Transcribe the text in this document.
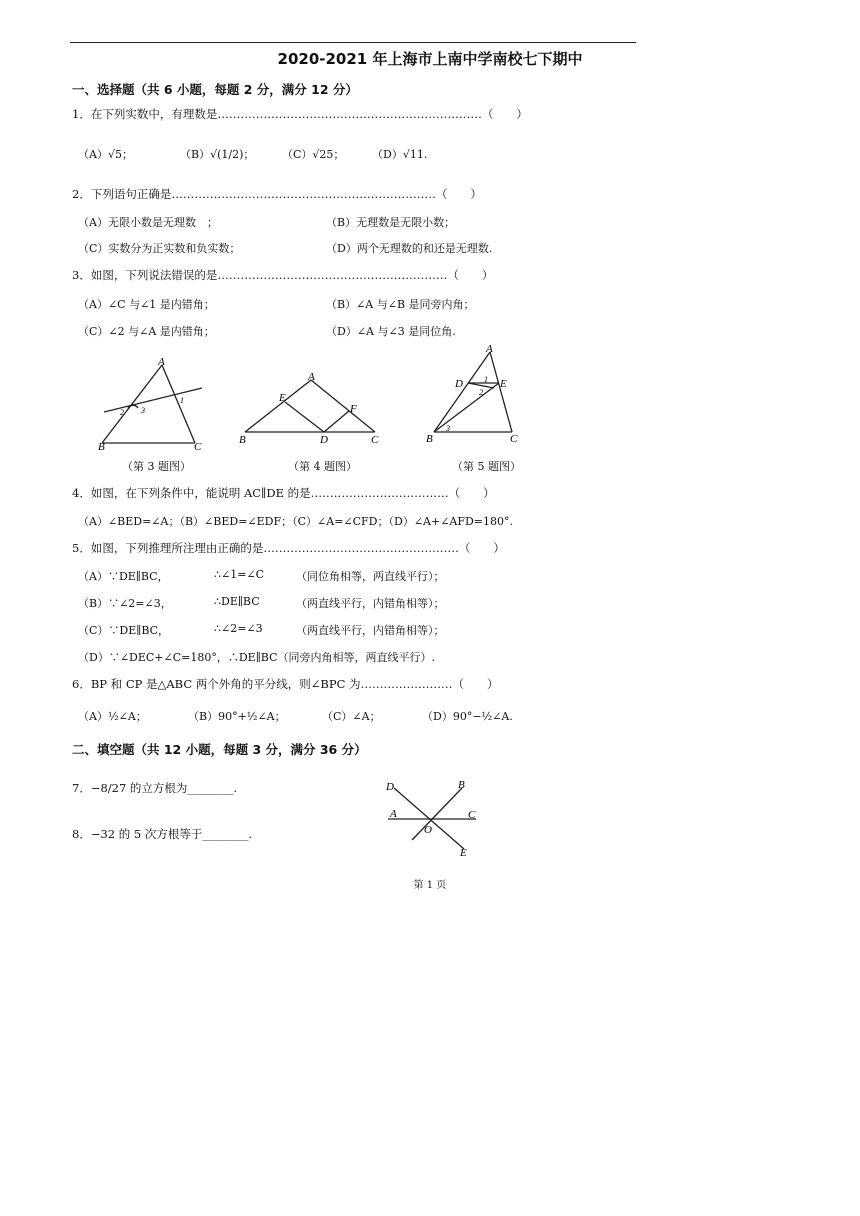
2020-2021 年上海市上南中学南校七下期中
一、选择题（共 6 小题，每题 2 分，满分 12 分）
1．在下列实数中，有理数是……………………………………………………………（　　）
（A）√5；	（B）√(1/2)；	（C）√25；	（D）√11.
2．下列语句正确是……………………………………………………………（　　）
（A）无限小数是无理数　；	（B）无理数是无限小数；
（C）实数分为正实数和负实数；	（D）两个无理数的和还是无理数.
3．如图，下列说法错误的是……………………………………………………（　　）
（A）∠C 与∠1 是内错角；	（B）∠A 与∠B 是同旁内角；
（C）∠2 与∠A 是内错角；	（D）∠A 与∠3 是同位角.
A
B	C
1
2 3
（第 3 题图）
A
E
F
B	D	C
（第 4 题图）
A
D	E
1
2
3
B	C
（第 5 题图）
4．如图，在下列条件中，能说明 AC∥DE 的是………………………………（　　）
（A）∠BED=∠A；（B）∠BED=∠EDF；（C）∠A=∠CFD；（D）∠A+∠AFD=180°.
5．如图，下列推理所注理由正确的是……………………………………………（　　）
（A）∵DE∥BC，	∴∠1=∠C	（同位角相等，两直线平行）；
（B）∵∠2=∠3，	∴DE∥BC	（两直线平行，内错角相等）；
（C）∵DE∥BC，	∴∠2=∠3	（两直线平行，内错角相等）；
（D）∵∠DEC+∠C=180°，∴DE∥BC（同旁内角相等，两直线平行）.
6．BP 和 CP 是△ABC 两个外角的平分线，则∠BPC 为……………………（　　）
（A）½∠A；	（B）90°+½∠A；	（C）∠A；	（D）90°−½∠A.
二、填空题（共 12 小题，每题 3 分，满分 36 分）
7．−8/27 的立方根为________.
8．−32 的 5 次方根等于________.
D	B
A	C
O
E
第 1 页
